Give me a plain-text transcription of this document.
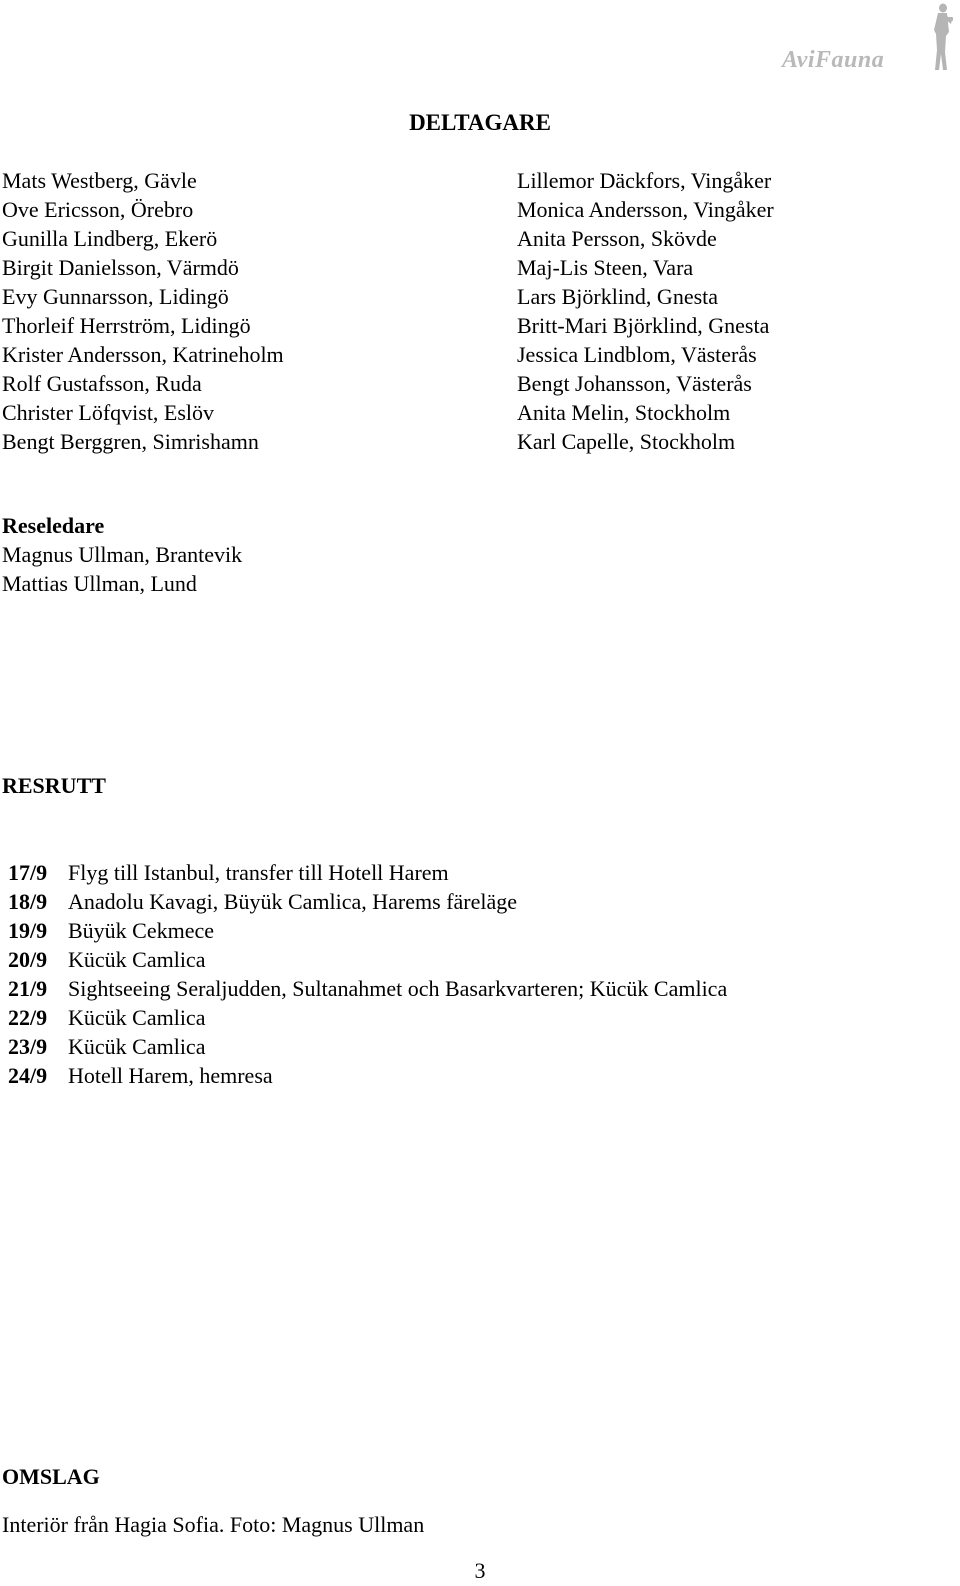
AviFauna
DELTAGARE
Mats Westberg, Gävle
Ove Ericsson, Örebro
Gunilla Lindberg, Ekerö
Birgit Danielsson, Värmdö
Evy Gunnarsson, Lidingö
Thorleif Herrström, Lidingö
Krister Andersson, Katrineholm
Rolf Gustafsson, Ruda
Christer Löfqvist, Eslöv
Bengt Berggren, Simrishamn
Lillemor Däckfors, Vingåker
Monica Andersson, Vingåker
Anita Persson, Skövde
Maj-Lis Steen, Vara
Lars Björklind, Gnesta
Britt-Mari Björklind, Gnesta
Jessica Lindblom, Västerås
Bengt Johansson, Västerås
Anita Melin, Stockholm
Karl Capelle, Stockholm
Reseledare
Magnus Ullman, Brantevik
Mattias Ullman, Lund
RESRUTT
17/9 Flyg till Istanbul, transfer till Hotell Harem
18/9 Anadolu Kavagi, Büyük Camlica, Harems färeläge
19/9 Büyük Cekmece
20/9 Kücük Camlica
21/9 Sightseeing Seraljudden, Sultanahmet och Basarkvarteren; Kücük Camlica
22/9 Kücük Camlica
23/9 Kücük Camlica
24/9 Hotell Harem, hemresa
OMSLAG

Interiör från Hagia Sofia. Foto: Magnus Ullman

3
